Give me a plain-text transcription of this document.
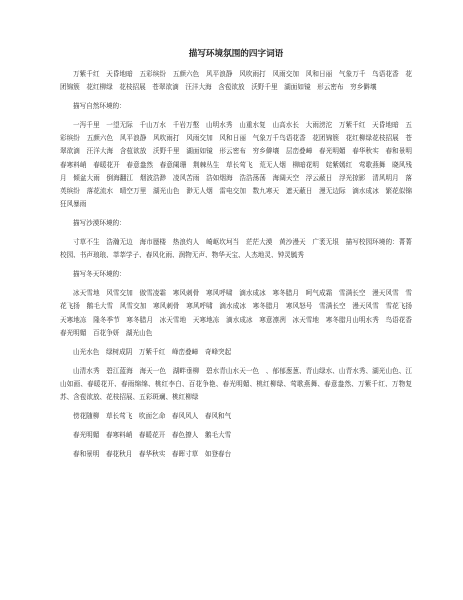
描写环境氛围的四字词语
万紫千红　天昏地暗　五彩缤纷　五颜六色　风平浪静　风吹雨打　风雨交加　风和日丽　气象万千　鸟语花香　花团锦簇　花红柳绿　花枝招展　苍翠欲滴　汪洋大海　含苞欲放　沃野千里　湖面如镜　形云密布　穷乡僻壤
描写自然环境的：
一泻千里　一望无际　千山万水　千岩万壑　山明水秀　山重水复　山高水长　大雨滂沱　万紫千红　天昏地暗　五彩缤纷　五颜六色　风平浪静　风吹雨打　风雨交加　风和日丽　气象万千鸟语花香　花团锦簇　花红柳绿花枝招展　苍翠欲滴　汪洋大海　含苞欲放　沃野千里　湖面如镜　形云密布　穷乡僻壤　层峦叠嶂　春光明媚　春华秋实　春和景明　春寒料峭　春暖花开　春意盎然　春意阑珊　荆棘丛生　草长莺飞　荒无人烟　柳暗花明　姹紫嫣红　莺歌燕舞　晓风残月　倾盆大雨　倒海翻江　烟波浩渺　凌风苦雨　浩如烟海　浩浩荡荡　海阔天空　浮云蔽日　浮光掠影　清风明月　落英缤纷　落花流水　晴空万里　湖光山色　渺无人烟　雷电交加　数九寒天　遮天蔽日　漫无边际　滴水成冰　繁花似锦　狂风暴雨
描写沙漠环境的：
寸草不生　浩瀚无边　海市蜃楼　热浪灼人　崎岖坎坷当　茫茫大漠　黄沙漫天　广袤无垠　描写校园环境的：菁菁校园、书声琅琅、莘莘学子、春风化雨、润物无声、物华天宝、人杰地灵、钟灵毓秀
描写冬天环境的：
冰天雪地　风雪交加　傲雪凌霜　寒风刺骨　寒风呼啸　滴水成冰　寒冬腊月　呵气成霜　雪满长空　漫天风雪　雪花飞扬　鹅毛大雪　风雪交加　寒风刺骨　寒风呼啸　滴水成冰　寒冬腊月　寒风怒号　雪满长空　漫天风雪　雪花飞扬　天寒地冻　隆冬季节　寒冬腊月　冰天雪地　天寒地冻　滴水成冰　寒意凛冽　冰天雪地　寒冬腊月山明水秀　鸟语花香　春光明媚　百花争妍　湖光山色
山光水色　绿树成阴　万紫千红　峰峦叠嶂　奇峰突起
山清水秀　碧江蓝海　海天一色　湖畔垂柳　碧水青山水天一色　、郁郁葱葱、青山绿水、山青水秀、湖光山色、江山如画、春暖花开、春雨绵绵、桃红李白、百花争艳、春光明媚、桃红柳绿、莺歌燕舞、春意盎然、万紫千红、万物复苏、含苞欲放、花枝招展、五彩斑斓、桃红柳绿
傍花随柳　草长莺飞　吹面乞命　春风风人　春风和气
春光明媚　春寒料峭　春暖花开　春色撩人　鹅毛大雪
春和景明　春花秋月　春华秋实　春晖寸草　如登春台
